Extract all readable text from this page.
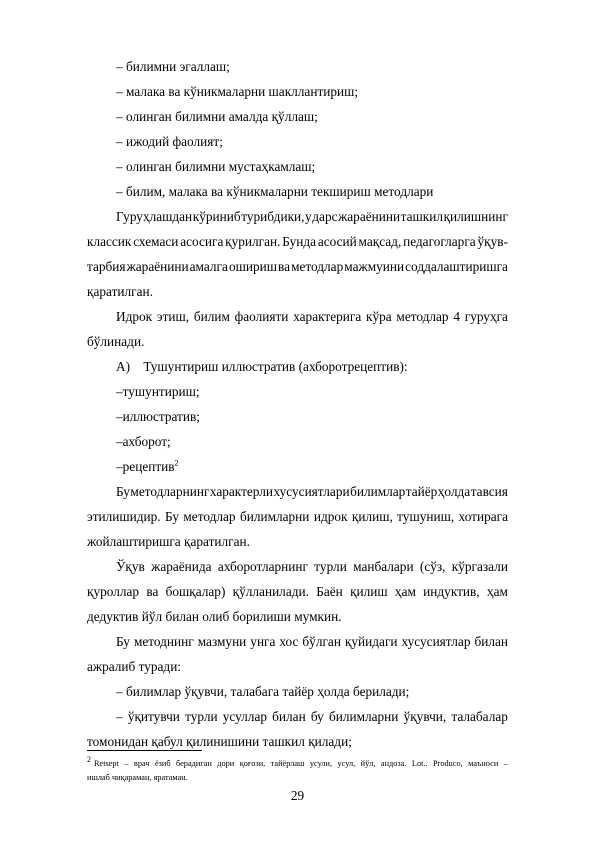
– билимни эгаллаш;
– малака ва кўникмаларни шакллантириш;
– олинган билимни амалда қўллаш;
– ижодий фаолият;
– олинган билимни мустаҳкамлаш;
– билим, малака ва кўникмаларни текшириш методлари
Гуруҳлашдан кўриниб турибдики, у дарс жараёнини ташкил қилишнинг
классик схемаси асосига қурилган. Бунда асосий мақсад, педагогларга ўқув-
тарбия жараёнини амалга ошириш ва методлар мажмуини соддалаштиришга
қаратилган.
Идрок этиш, билим фаолияти характерига кўра методлар 4 гуруҳга
бўлинади.
А)    Тушунтириш иллюстратив (ахборотрецептив):
–тушунтириш;
–иллюстратив;
–ахборот;
–рецептив$^2$
Бу методларнинг характерли хусусиятлари билимлар тайёр ҳолда тавсия
этилишидир. Бу методлар билимларни идрок қилиш, тушуниш, хотирага
жойлаштиришга қаратилган.
Ўқув жараёнида ахборотларнинг турли манбалари (сўз, кўргазали
қуроллар ва бошқалар) қўлланилади. Баён қилиш ҳам индуктив, ҳам
дедуктив йўл билан олиб борилиши мумкин.
Бу методнинг мазмуни унга хос бўлган қуйидаги хусусиятлар билан
ажралиб туради:
– билимлар ўқувчи, талабага тайёр ҳолда берилади;
– ўқитувчи турли усуллар билан бу билимларни ўқувчи, талабалар
томонидан қабул қилинишини ташкил қилади;
$^2$ Retsept – врач ёзиб берадиган дори қоғози, тайёрлаш усули, усул, йўл, андоза. Lot.. Produco, маъноси –
ишлаб чиқараман, яратаман.
29
